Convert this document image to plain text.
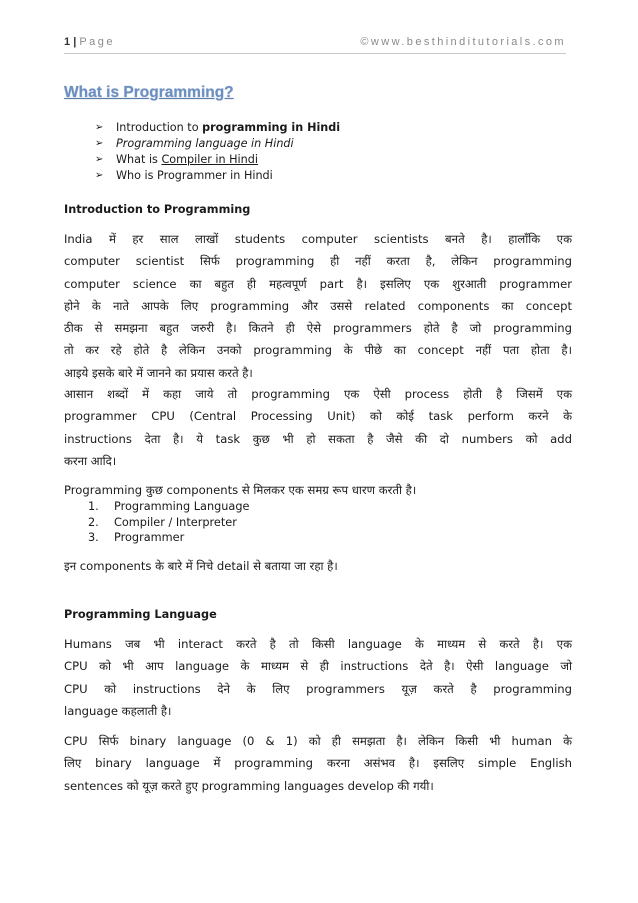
1 | Page	©www.besthinditutorials.com
What is Programming?
➢ Introduction to programming in Hindi
➢ Programming language in Hindi
➢ What is Compiler in Hindi
➢ Who is Programmer in Hindi

Introduction to Programming

India में हर साल लाखों students computer scientists बनते है। हालाँकि एक
computer scientist सिर्फ programming ही नहीं करता है, लेकिन programming
computer science का बहुत ही महत्वपूर्ण part है। इसलिए एक शुरआती programmer
होने के नाते आपके लिए programming और उससे related components का concept
ठीक से समझना बहुत जरुरी है। कितने ही ऐसे programmers होते है जो programming
तो कर रहे होते है लेकिन उनको programming के पीछे का concept नहीं पता होता है।
आइये इसके बारे में जानने का प्रयास करते है।
आसान शब्दों में कहा जाये तो programming एक ऐसी process होती है जिसमें एक
programmer CPU (Central Processing Unit) को कोई task perform करने के
instructions देता है। ये task कुछ भी हो सकता है जैसे की दो numbers को add
करना आदि।

Programming कुछ components से मिलकर एक समग्र रूप धारण करती है।

1. Programming Language
2. Compiler / Interpreter
3. Programmer

इन components के बारे में निचे detail से बताया जा रहा है।

Programming Language

Humans जब भी interact करते है तो किसी language के माध्यम से करते है। एक
CPU को भी आप language के माध्यम से ही instructions देते है। ऐसी language जो
CPU को instructions देने के लिए programmers यूज़ करते है programming
language कहलाती है।
CPU सिर्फ binary language (0 & 1) को ही समझता है। लेकिन किसी भी human के
लिए binary language में programming करना असंभव है। इसलिए simple English
sentences को यूज़ करते हुए programming languages develop की गयी।
